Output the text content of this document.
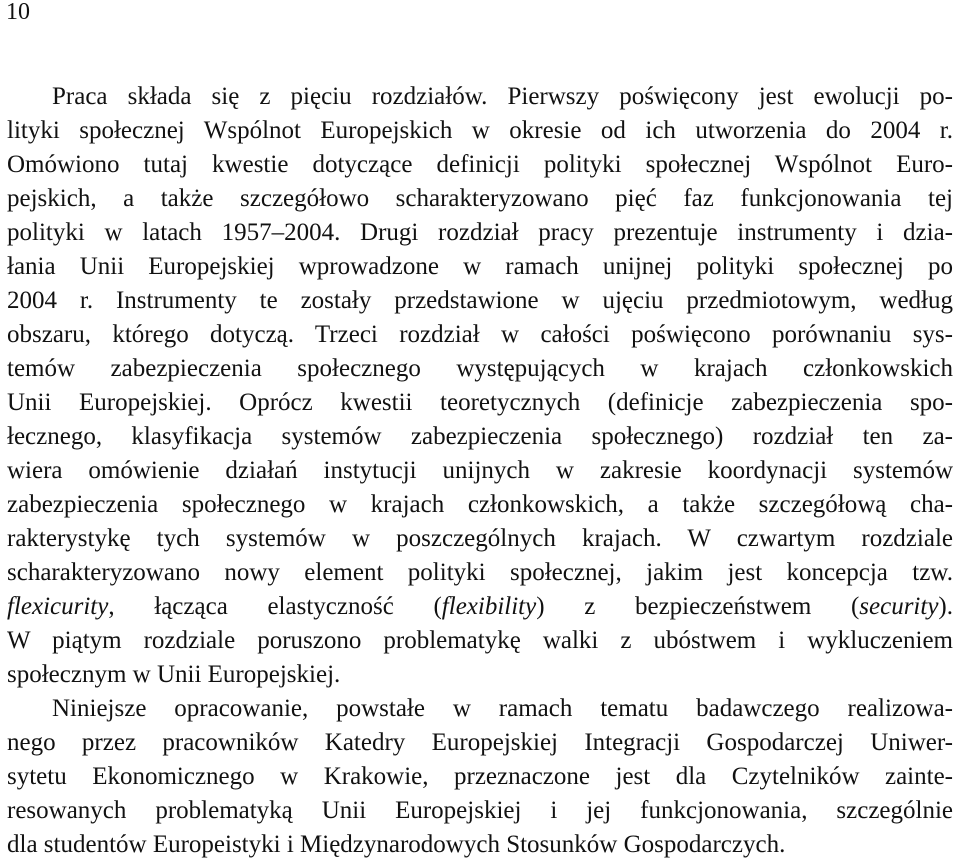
10
Praca składa się z pięciu rozdziałów. Pierwszy poświęcony jest ewolucji po-
lityki społecznej Wspólnot Europejskich w okresie od ich utworzenia do 2004 r.
Omówiono tutaj kwestie dotyczące definicji polityki społecznej Wspólnot Euro-
pejskich, a także szczegółowo scharakteryzowano pięć faz funkcjonowania tej
polityki w latach 1957–2004. Drugi rozdział pracy prezentuje instrumenty i dzia-
łania Unii Europejskiej wprowadzone w ramach unijnej polityki społecznej po
2004 r. Instrumenty te zostały przedstawione w ujęciu przedmiotowym, według
obszaru, którego dotyczą. Trzeci rozdział w całości poświęcono porównaniu sys-
temów zabezpieczenia społecznego występujących w krajach członkowskich
Unii Europejskiej. Oprócz kwestii teoretycznych (definicje zabezpieczenia spo-
łecznego, klasyfikacja systemów zabezpieczenia społecznego) rozdział ten za-
wiera omówienie działań instytucji unijnych w zakresie koordynacji systemów
zabezpieczenia społecznego w krajach członkowskich, a także szczegółową cha-
rakterystykę tych systemów w poszczególnych krajach. W czwartym rozdziale
scharakteryzowano nowy element polityki społecznej, jakim jest koncepcja tzw.
flexicurity, łącząca elastyczność (flexibility) z bezpieczeństwem (security).
W piątym rozdziale poruszono problematykę walki z ubóstwem i wykluczeniem
społecznym w Unii Europejskiej.
Niniejsze opracowanie, powstałe w ramach tematu badawczego realizowa-
nego przez pracowników Katedry Europejskiej Integracji Gospodarczej Uniwer-
sytetu Ekonomicznego w Krakowie, przeznaczone jest dla Czytelników zainte-
resowanych problematyką Unii Europejskiej i jej funkcjonowania, szczególnie
dla studentów Europeistyki i Międzynarodowych Stosunków Gospodarczych.
